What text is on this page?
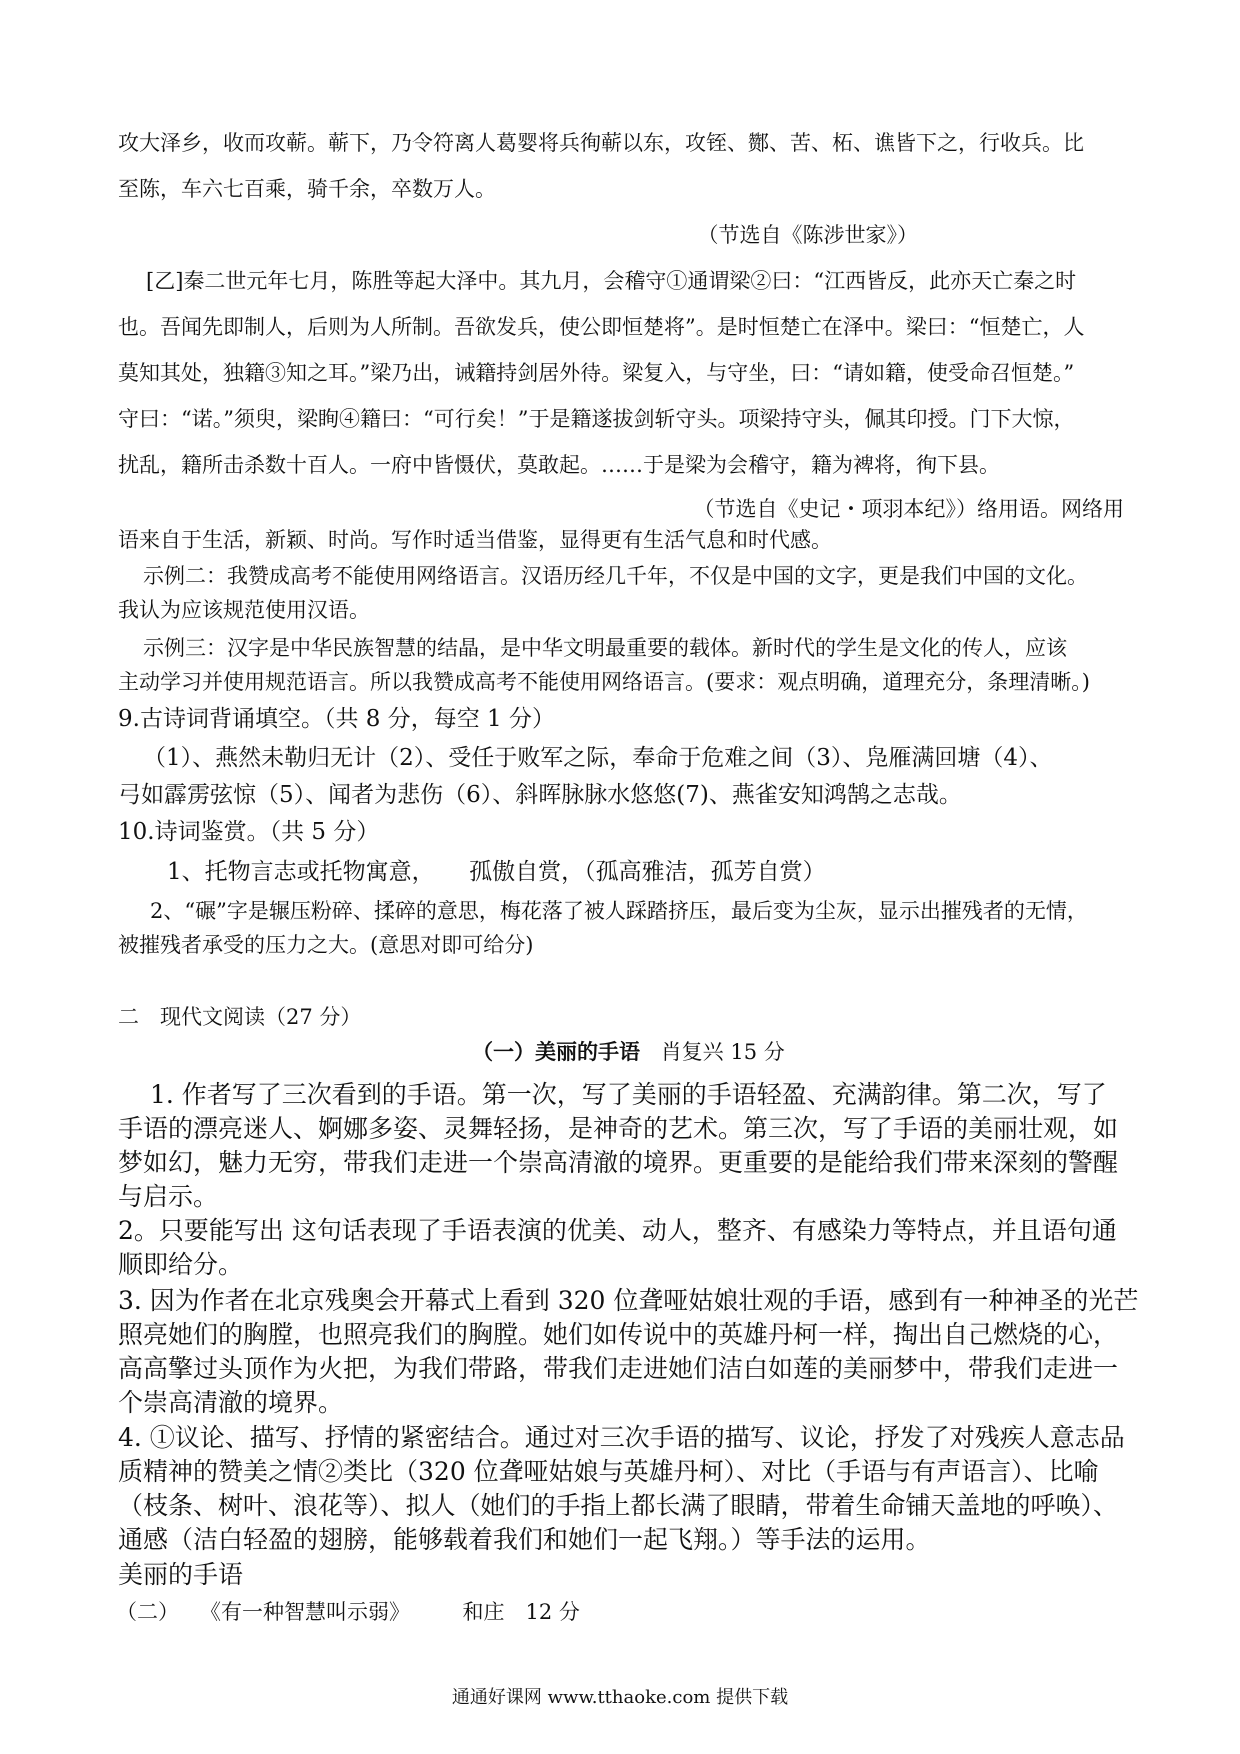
攻大泽乡，收而攻蕲。蕲下，乃令符离人葛婴将兵徇蕲以东，攻铚、酂、苦、柘、谯皆下之，行收兵。比
至陈，车六七百乘，骑千余，卒数万人。
（节选自《陈涉世家》）
[乙]秦二世元年七月，陈胜等起大泽中。其九月，会稽守①通谓梁②曰：“江西皆反，此亦天亡秦之时
也。吾闻先即制人，后则为人所制。吾欲发兵，使公即恒楚将”。是时恒楚亡在泽中。梁曰：“恒楚亡，人
莫知其处，独籍③知之耳。”梁乃出，诫籍持剑居外待。梁复入，与守坐，曰：“请如籍，使受命召恒楚。”
守曰：“诺。”须臾，梁眴④籍曰：“可行矣！”于是籍遂拔剑斩守头。项梁持守头，佩其印授。门下大惊，
扰乱，籍所击杀数十百人。一府中皆慑伏，莫敢起。……于是梁为会稽守，籍为裨将，徇下县。
（节选自《史记・项羽本纪》）络用语。网络用
语来自于生活，新颖、时尚。写作时适当借鉴，显得更有生活气息和时代感。
示例二：我赞成高考不能使用网络语言。汉语历经几千年，不仅是中国的文字，更是我们中国的文化。
我认为应该规范使用汉语。
示例三：汉字是中华民族智慧的结晶，是中华文明最重要的载体。新时代的学生是文化的传人，应该
主动学习并使用规范语言。所以我赞成高考不能使用网络语言。(要求：观点明确，道理充分，条理清晰。)
9.古诗词背诵填空。（共 8 分，每空 1 分）
（1）、燕然未勒归无计（2）、受任于败军之际，奉命于危难之间（3）、凫雁满回塘（4）、
弓如霹雳弦惊（5）、闻者为悲伤（6）、斜晖脉脉水悠悠(7)、燕雀安知鸿鹄之志哉。
10.诗词鉴赏。（共 5 分）
1、托物言志或托物寓意，　　孤傲自赏，（孤高雅洁，孤芳自赏）
2、“碾”字是辗压粉碎、揉碎的意思，梅花落了被人踩踏挤压，最后变为尘灰，显示出摧残者的无情，
被摧残者承受的压力之大。(意思对即可给分)
二　现代文阅读（27 分）
（一）美丽的手语 肖复兴 15 分
1. 作者写了三次看到的手语。第一次，写了美丽的手语轻盈、充满韵律。第二次，写了
手语的漂亮迷人、婀娜多姿、灵舞轻扬，是神奇的艺术。第三次，写了手语的美丽壮观，如
梦如幻，魅力无穷，带我们走进一个崇高清澈的境界。更重要的是能给我们带来深刻的警醒
与启示。
2。只要能写出 这句话表现了手语表演的优美、动人，整齐、有感染力等特点，并且语句通
顺即给分。
3. 因为作者在北京残奥会开幕式上看到 320 位聋哑姑娘壮观的手语，感到有一种神圣的光芒
照亮她们的胸膛，也照亮我们的胸膛。她们如传说中的英雄丹柯一样，掏出自己燃烧的心，
高高擎过头顶作为火把，为我们带路，带我们走进她们洁白如莲的美丽梦中，带我们走进一
个崇高清澈的境界。
4. ①议论、描写、抒情的紧密结合。通过对三次手语的描写、议论，抒发了对残疾人意志品
质精神的赞美之情②类比（320 位聋哑姑娘与英雄丹柯）、对比（手语与有声语言）、比喻
（枝条、树叶、浪花等）、拟人（她们的手指上都长满了眼睛，带着生命铺天盖地的呼唤）、
通感（洁白轻盈的翅膀，能够载着我们和她们一起飞翔。）等手法的运用。
美丽的手语
（二）　　《有一种智慧叫示弱》　　　和庄　12 分
通通好课网 www.tthaoke.com 提供下载
